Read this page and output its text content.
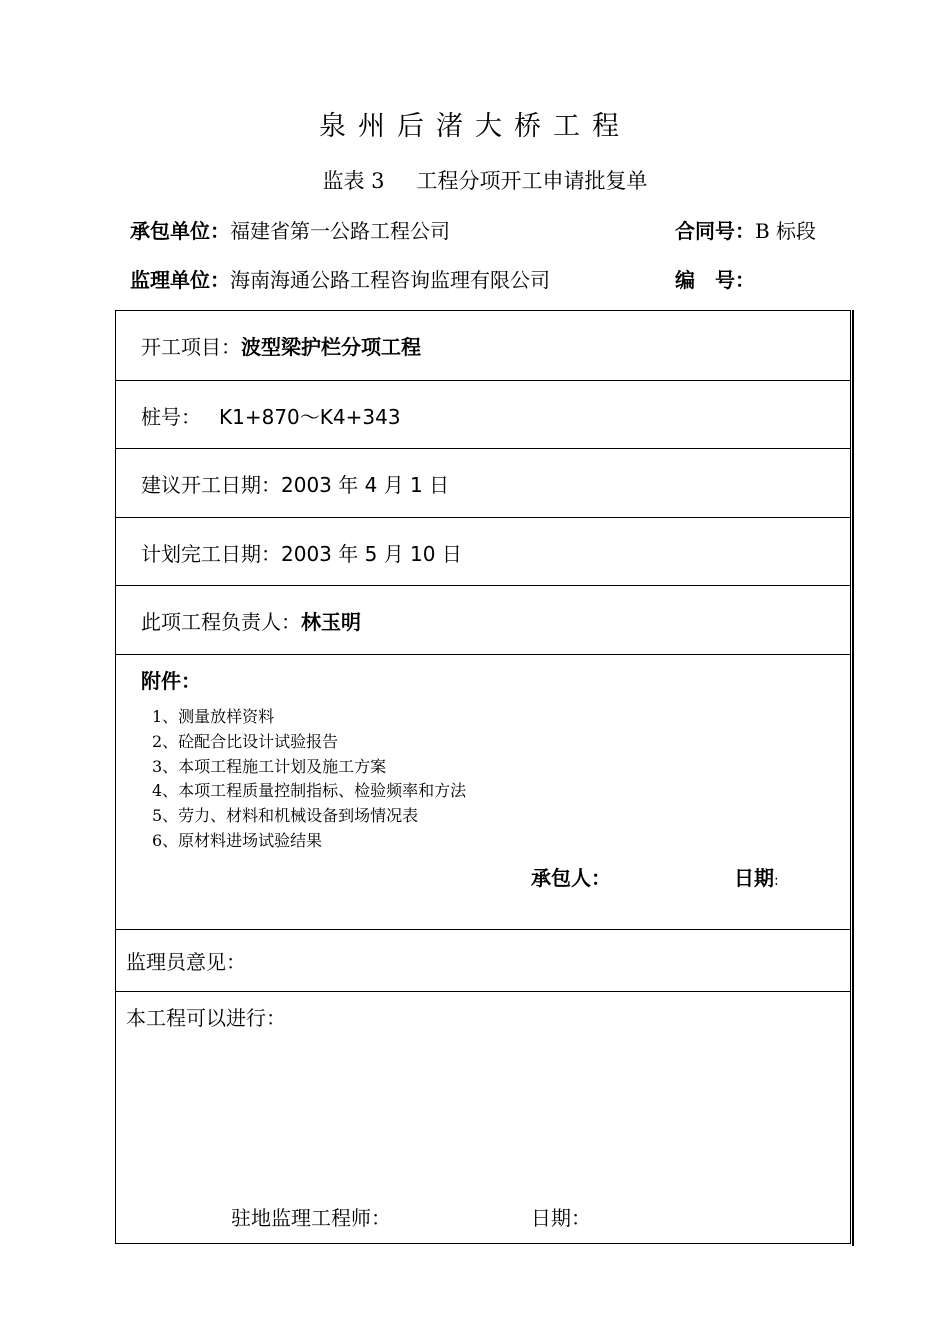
泉州后渚大桥工程
监表 3 工程分项开工申请批复单
承包单位：福建省第一公路工程公司	合同号：B 标段
监理单位：海南海通公路工程咨询监理有限公司	编　号：
开工项目：波型梁护栏分项工程
桩号： K1+870～K4+343
建议开工日期：2003 年 4 月 1 日
计划完工日期：2003 年 5 月 10 日
此项工程负责人：林玉明
附件：
1、测量放样资料
2、砼配合比设计试验报告
3、本项工程施工计划及施工方案
4、本项工程质量控制指标、检验频率和方法
5、劳力、材料和机械设备到场情况表
6、原材料进场试验结果
承包人：	日期:
监理员意见：
本工程可以进行：
驻地监理工程师：	日期：
